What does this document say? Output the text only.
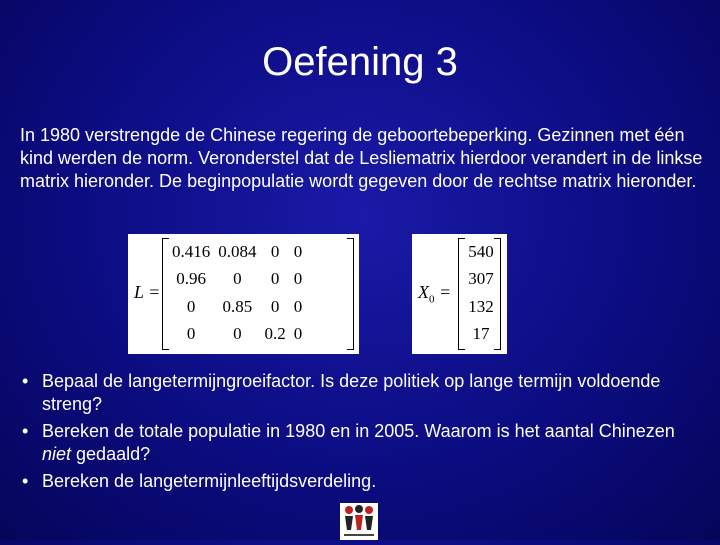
Oefening 3

In 1980 verstrengde de Chinese regering de geboortebeperking. Gezinnen met één kind werden de norm. Veronderstel dat de Lesliematrix hierdoor verandert in de linkse matrix hieronder. De beginpopulatie wordt gegeven door de rechtse matrix hieronder.

L =
0.416	0.084	0	0
0.96	0	0	0
0	0.85	0	0
0	0	0.2	0
$X_0$ =
540
307
132
17
• Bepaal de langetermijngroeifactor. Is deze politiek op lange termijn voldoende streng?
• Bereken de totale populatie in 1980 en in 2005. Waarom is het aantal Chinezen niet gedaald?
• Bereken de langetermijnleeftijdsverdeling.
